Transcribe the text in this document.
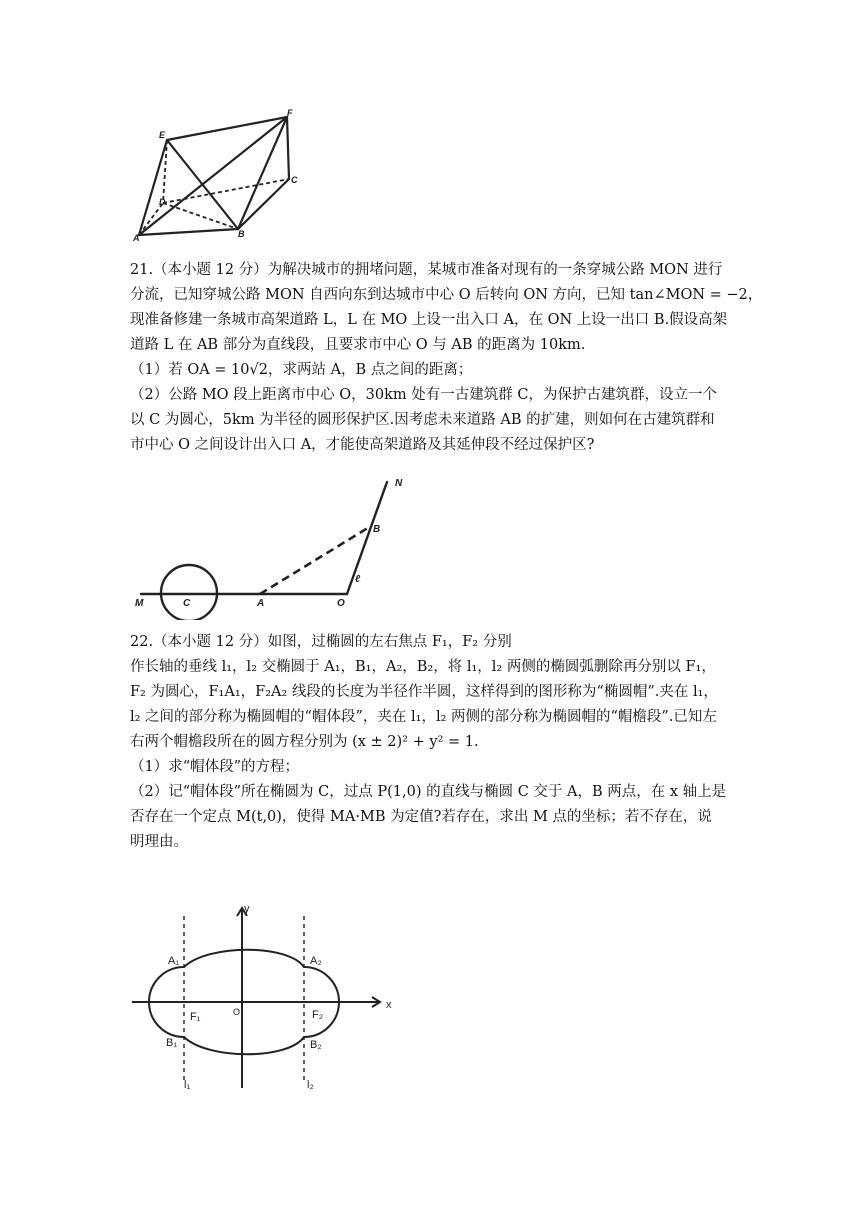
E
F
C
D
A	B
21.（本小题 12 分）为解决城市的拥堵问题，某城市准备对现有的一条穿城公路 MON 进行
分流，已知穿城公路 MON 自西向东到达城市中心 O 后转向 ON 方向，已知 tan∠MON = −2，
现准备修建一条城市高架道路 L，L 在 MO 上设一出入口 A，在 ON 上设一出口 B.假设高架
道路 L 在 AB 部分为直线段，且要求市中心 O 与 AB 的距离为 10km.
（1）若 OA = 10√2，求两站 A，B 点之间的距离；
（2）公路 MO 段上距离市中心 O，30km 处有一古建筑群 C，为保护古建筑群，设立一个
以 C 为圆心，5km 为半径的圆形保护区.因考虑未来道路 AB 的扩建，则如何在古建筑群和
市中心 O 之间设计出入口 A，才能使高架道路及其延伸段不经过保护区?
M	C	A	O
B
N
ℓ
22.（本小题 12 分）如图，过椭圆的左右焦点 F₁，F₂ 分别
作长轴的垂线 l₁，l₂ 交椭圆于 A₁，B₁，A₂，B₂，将 l₁，l₂ 两侧的椭圆弧删除再分别以 F₁，
F₂ 为圆心，F₁A₁，F₂A₂ 线段的长度为半径作半圆，这样得到的图形称为“椭圆帽”.夹在 l₁，
l₂ 之间的部分称为椭圆帽的“帽体段”，夹在 l₁，l₂ 两侧的部分称为椭圆帽的“帽檐段”.已知左
右两个帽檐段所在的圆方程分别为 (x ± 2)² + y² = 1.
（1）求“帽体段”的方程；
（2）记“帽体段”所在椭圆为 C，过点 P(1,0) 的直线与椭圆 C 交于 A，B 两点，在 x 轴上是
否存在一个定点 M(t,0)，使得 MA·MB 为定值?若存在，求出 M 点的坐标；若不存在，说
明理由。
y
x
O
A₁	A₂
F₁	F₂
B₁	B₂
l₁	l₂
